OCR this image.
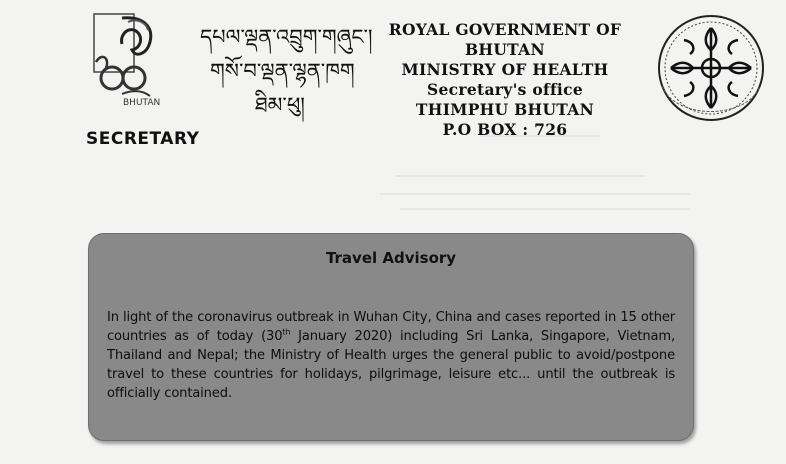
BHUTAN
དཔལ་ལྡན་འབྲུག་གཞུང་།
གསོ་བ་ལྡན་ལྷན་ཁག
ཐིམ་ཕུ།
SECRETARY
ROYAL GOVERNMENT OF BHUTAN
MINISTRY OF HEALTH
Secretary's office
THIMPHU BHUTAN
P.O BOX : 726
Travel Advisory
In light of the coronavirus outbreak in Wuhan City, China and cases reported in 15 other countries as of today (30th January 2020) including Sri Lanka, Singapore, Vietnam, Thailand and Nepal; the Ministry of Health urges the general public to avoid/postpone travel to these countries for holidays, pilgrimage, leisure etc... until the outbreak is officially contained.
